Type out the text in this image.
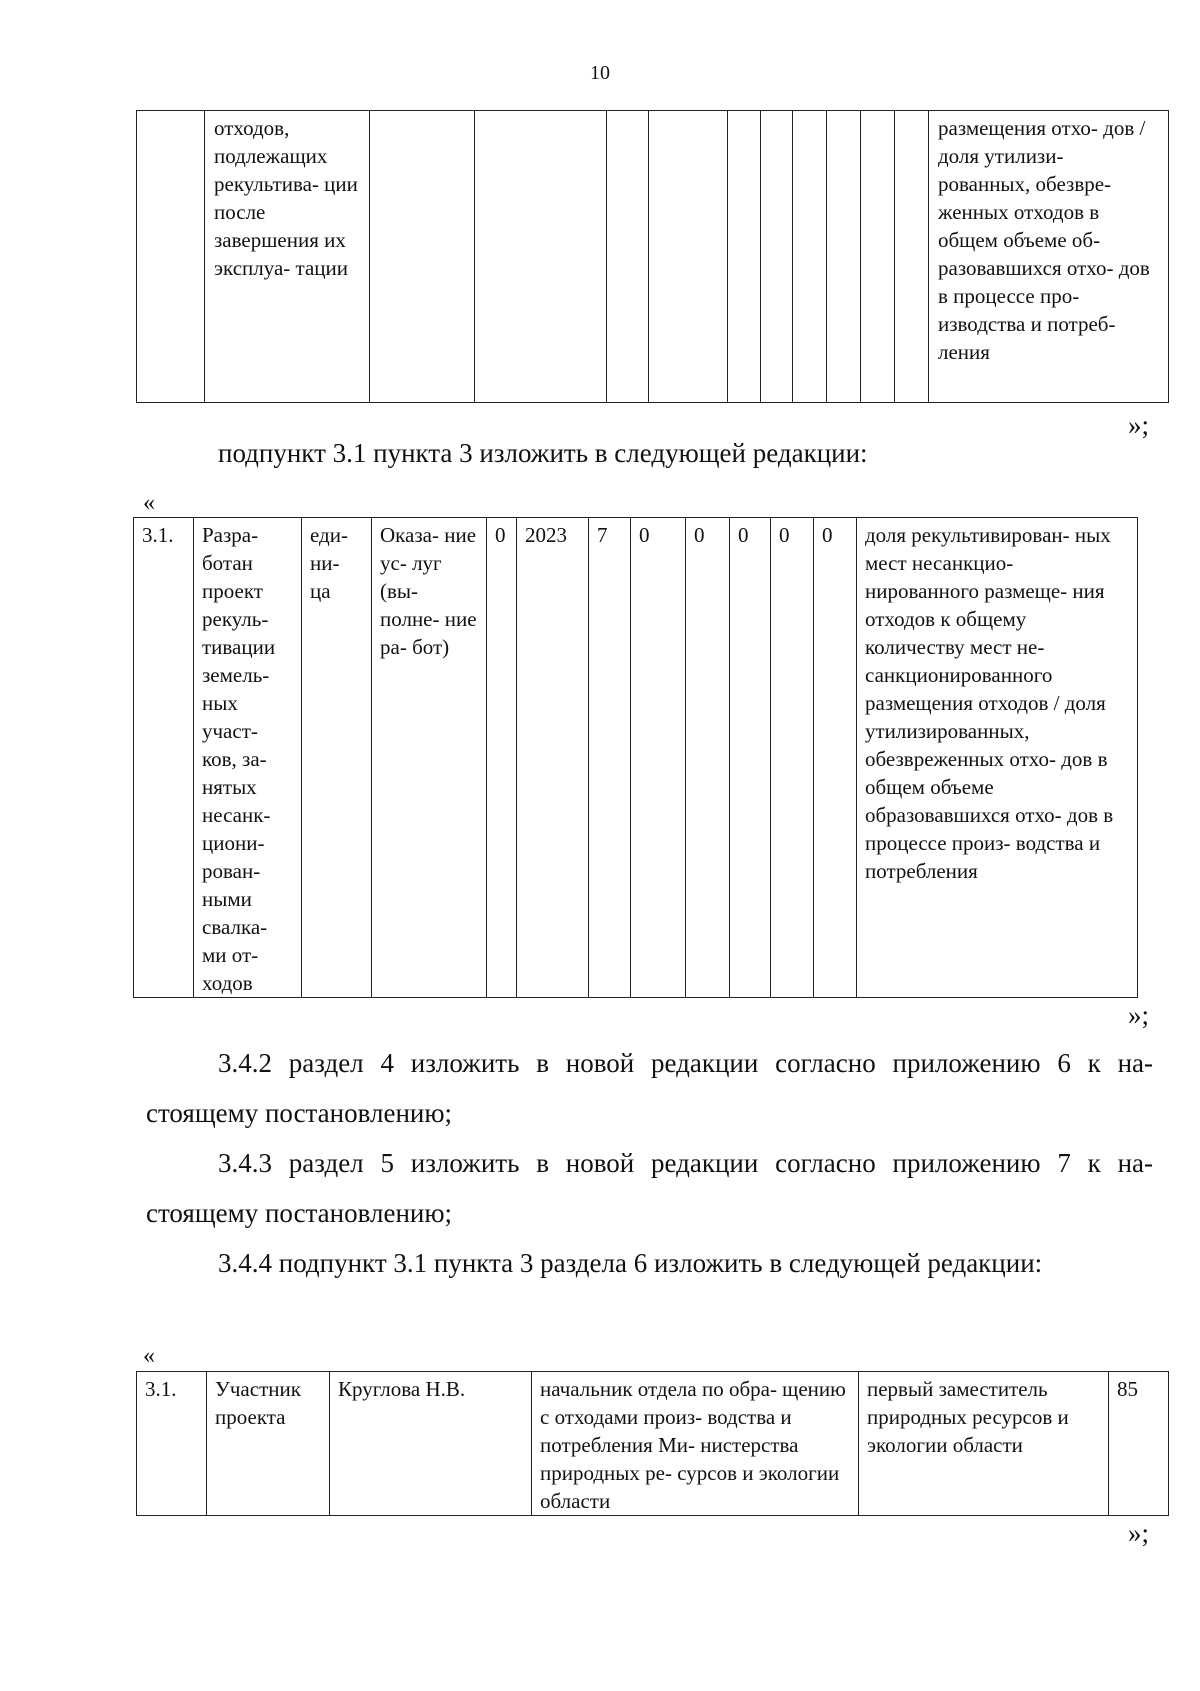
10
	отходов, подлежащих рекультива- ции после завершения их эксплуа- тации											размещения отхо- дов / доля утилизи- рованных, обезвре- женных отходов в общем объеме об- разовавшихся отхо- дов в процессе про- изводства и потреб- ления
»;
подпункт 3.1 пункта 3 изложить в следующей редакции:
«
3.1.	Разра- ботан проект рекуль- тивации земель- ных участ- ков, за- нятых несанк- циони- рован- ными свалка- ми от- ходов	еди- ни- ца	Оказа- ние ус- луг (вы- полне- ние ра- бот)	0	2023	7	0	0	0	0	0	доля рекультивирован- ных мест несанкцио- нированного размеще- ния отходов к общему количеству мест не- санкционированного размещения отходов / доля утилизированных, обезвреженных отхо- дов в общем объеме образовавшихся отхо- дов в процессе произ- водства и потребления
»;
3.4.2 раздел 4 изложить в новой редакции согласно приложению 6 к на-
стоящему постановлению;
3.4.3 раздел 5 изложить в новой редакции согласно приложению 7 к на-
стоящему постановлению;
3.4.4 подпункт 3.1 пункта 3 раздела 6 изложить в следующей редакции:
«
3.1.	Участник проекта	Круглова Н.В.	начальник отдела по обра- щению с отходами произ- водства и потребления Ми- нистерства природных ре- сурсов и экологии области	первый заместитель природных ресурсов и экологии области	85
»;
